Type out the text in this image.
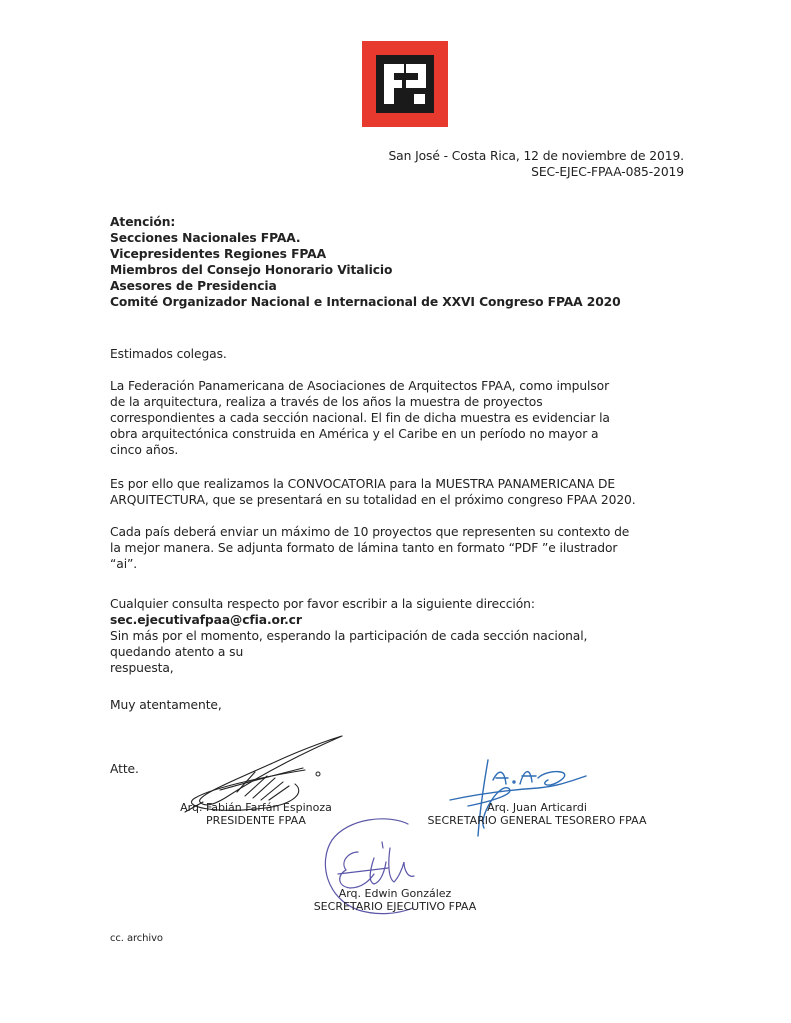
San José - Costa Rica, 12 de noviembre de 2019.
SEC-EJEC-FPAA-085-2019
Atención:
Secciones Nacionales FPAA.
Vicepresidentes Regiones FPAA
Miembros del Consejo Honorario Vitalicio
Asesores de Presidencia
Comité Organizador Nacional e Internacional de XXVI Congreso FPAA 2020
Estimados colegas.
La Federación Panamericana de Asociaciones de Arquitectos FPAA, como impulsor
de la arquitectura, realiza a través de los años la muestra de proyectos
correspondientes a cada sección nacional. El fin de dicha muestra es evidenciar la
obra arquitectónica construida en América y el Caribe en un período no mayor a
cinco años.
Es por ello que realizamos la CONVOCATORIA para la MUESTRA PANAMERICANA DE
ARQUITECTURA, que se presentará en su totalidad en el próximo congreso FPAA 2020.
Cada país deberá enviar un máximo de 10 proyectos que representen su contexto de
la mejor manera. Se adjunta formato de lámina tanto en formato “PDF ”e ilustrador
“ai”.
Cualquier consulta respecto por favor escribir a la siguiente dirección:
sec.ejecutivafpaa@cfia.or.cr
Sin más por el momento, esperando la participación de cada sección nacional,
quedando atento a su
respuesta,
Muy atentamente,
Atte.
Arq. Fabián Farfán Espinoza
PRESIDENTE FPAA
Arq. Juan Articardi
SECRETARIO GENERAL TESORERO FPAA
Arq. Edwin González
SECRETARIO EJECUTIVO FPAA
cc. archivo
